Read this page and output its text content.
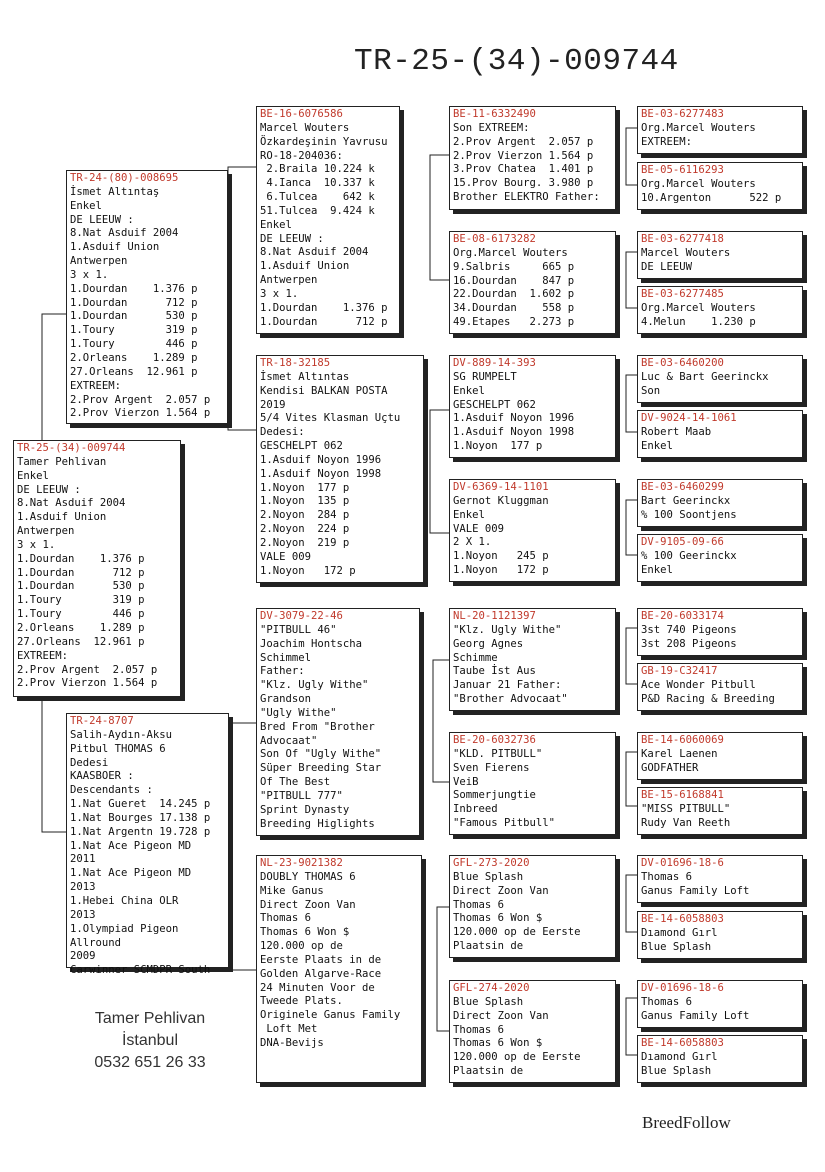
TR-25-(34)-009744
TR-25-(34)-009744
Tamer Pehlivan
Enkel
DE LEEUW :
8.Nat Asduif 2004
1.Asduif Union
Antwerpen
3 x 1.
1.Dourdan    1.376 p
1.Dourdan      712 p
1.Dourdan      530 p
1.Toury        319 p
1.Toury        446 p
2.Orleans    1.289 p
27.Orleans  12.961 p
EXTREEM:
2.Prov Argent  2.057 p
2.Prov Vierzon 1.564 p
TR-24-(80)-008695
İsmet Altıntaş
Enkel
DE LEEUW :
8.Nat Asduif 2004
1.Asduif Union
Antwerpen
3 x 1.
1.Dourdan    1.376 p
1.Dourdan      712 p
1.Dourdan      530 p
1.Toury        319 p
1.Toury        446 p
2.Orleans    1.289 p
27.Orleans  12.961 p
EXTREEM:
2.Prov Argent  2.057 p
2.Prov Vierzon 1.564 p
TR-24-8707
Salih-Aydın-Aksu
Pitbul THOMAS 6
Dedesi
KAASBOER :
Descendants :
1.Nat Gueret  14.245 p
1.Nat Bourges 17.138 p
1.Nat Argentn 19.728 p
1.Nat Ace Pigeon MD
2011
1.Nat Ace Pigeon MD
2013
1.Hebei China OLR
2013
1.Olympiad Pigeon
Allround
2009
Carwinner SCMDPR South
BE-16-6076586
Marcel Wouters
Özkardeşinin Yavrusu
RO-18-204036:
2.Braila 10.224 k
4.Ianca  10.337 k
6.Tulcea    642 k
51.Tulcea  9.424 k
Enkel
DE LEEUW :
8.Nat Asduif 2004
1.Asduif Union
Antwerpen
3 x 1.
1.Dourdan    1.376 p
1.Dourdan      712 p
TR-18-32185
İsmet Altıntas
Kendisi BALKAN POSTA
2019
5/4 Vites Klasman Uçtu
Dedesi:
GESCHELPT 062
1.Asduif Noyon 1996
1.Asduif Noyon 1998
1.Noyon  177 p
1.Noyon  135 p
2.Noyon  284 p
2.Noyon  224 p
2.Noyon  219 p
VALE 009
1.Noyon   172 p
DV-3079-22-46
"PITBULL 46"
Joachim Hontscha
Schimmel
Father:
"Klz. Ugly Withe"
Grandson
"Ugly Withe"
Bred From "Brother
Advocaat"
Son Of "Ugly Withe"
Süper Breeding Star
Of The Best
"PITBULL 777"
Sprint Dynasty
Breeding Higlights
NL-23-9021382
DOUBLY THOMAS 6
Mike Ganus
Direct Zoon Van
Thomas 6
Thomas 6 Won $
120.000 op de
Eerste Plaats in de
Golden Algarve-Race
24 Minuten Voor de
Tweede Plats.
Originele Ganus Family
Loft Met
DNA-Bevijs
BE-11-6332490
Son EXTREEM:
2.Prov Argent  2.057 p
2.Prov Vierzon 1.564 p
3.Prov Chatea  1.401 p
15.Prov Bourg. 3.980 p
Brother ELEKTRO Father:
BE-08-6173282
Org.Marcel Wouters
9.Salbris     665 p
16.Dourdan    847 p
22.Dourdan  1.602 p
34.Dourdan    558 p
49.Etapes   2.273 p
DV-889-14-393
SG RUMPELT
Enkel
GESCHELPT 062
1.Asduif Noyon 1996
1.Asduif Noyon 1998
1.Noyon  177 p
DV-6369-14-1101
Gernot Kluggman
Enkel
VALE 009
2 X 1.
1.Noyon   245 p
1.Noyon   172 p
NL-20-1121397
"Klz. Ugly Withe"
Georg Agnes
Schimme
Taube İst Aus
Januar 21 Father:
"Brother Advocaat"
BE-20-6032736
"KLD. PITBULL"
Sven Fierens
VeiB
Sommerjungtie
Inbreed
"Famous Pitbull"
GFL-273-2020
Blue Splash
Direct Zoon Van
Thomas 6
Thomas 6 Won $
120.000 op de Eerste
Plaatsin de
GFL-274-2020
Blue Splash
Direct Zoon Van
Thomas 6
Thomas 6 Won $
120.000 op de Eerste
Plaatsin de
BE-03-6277483
Org.Marcel Wouters
EXTREEM:
BE-05-6116293
Org.Marcel Wouters
10.Argenton      522 p
BE-03-6277418
Marcel Wouters
DE LEEUW
BE-03-6277485
Org.Marcel Wouters
4.Melun    1.230 p
BE-03-6460200
Luc & Bart Geerinckx
Son
DV-9024-14-1061
Robert Maab
Enkel
BE-03-6460299
Bart Geerinckx
% 100 Soontjens
DV-9105-09-66
% 100 Geerinckx
Enkel
BE-20-6033174
3st 740 Pigeons
3st 208 Pigeons
GB-19-C32417
Ace Wonder Pitbull
P&D Racing & Breeding
BE-14-6060069
Karel Laenen
GODFATHER
BE-15-6168841
"MISS PITBULL"
Rudy Van Reeth
DV-01696-18-6
Thomas 6
Ganus Family Loft
BE-14-6058803
Dıamond Gırl
Blue Splash
DV-01696-18-6
Thomas 6
Ganus Family Loft
BE-14-6058803
Dıamond Gırl
Blue Splash
Tamer Pehlivan
İstanbul
0532 651 26 33
BreedFollow
